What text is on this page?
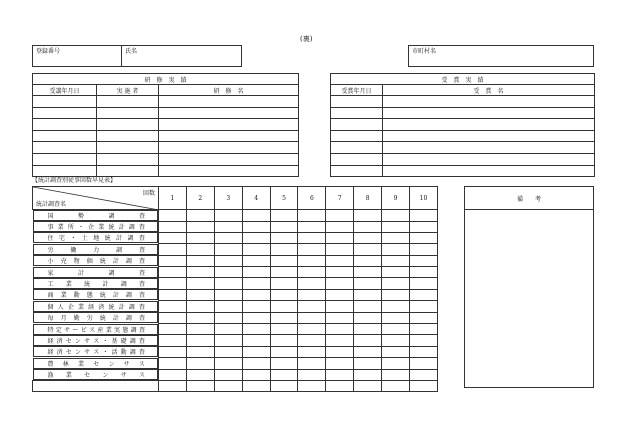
(裏)
登録番号	氏名	市町村名
研　修　実　績		
受講年月日	実 施 者	研　修　名

受　賞　実　績	
受賞年月日	受　賞　名

【統計調査別従事回数早見表】
回数
統計調査名	1	2	3	4	5	6	7	8	9	10

国	勢	調	査

事 業 所 ・ 企 業 統 計 調 査

住 宅 ・ 土 地 統 計 調 査

労	働	力	調	査

小 売 物 価 統 計 調 査

家	計	調	査

工 業 統 計 調 査

商 業 動 態 統 計 調 査

個 人 企 業 経 済 統 計 調 査

毎 月 勤 労 統 計 調 査

特 定 サ ー ビ ス 産 業 実 態 調 査

経 済 セ ン サ ス ・ 基 礎 調 査

経 済 セ ン サ ス ・ 活 動 調 査

農 林 業 セ ン サ ス

漁 業 セ ン サ ス

備　　考
